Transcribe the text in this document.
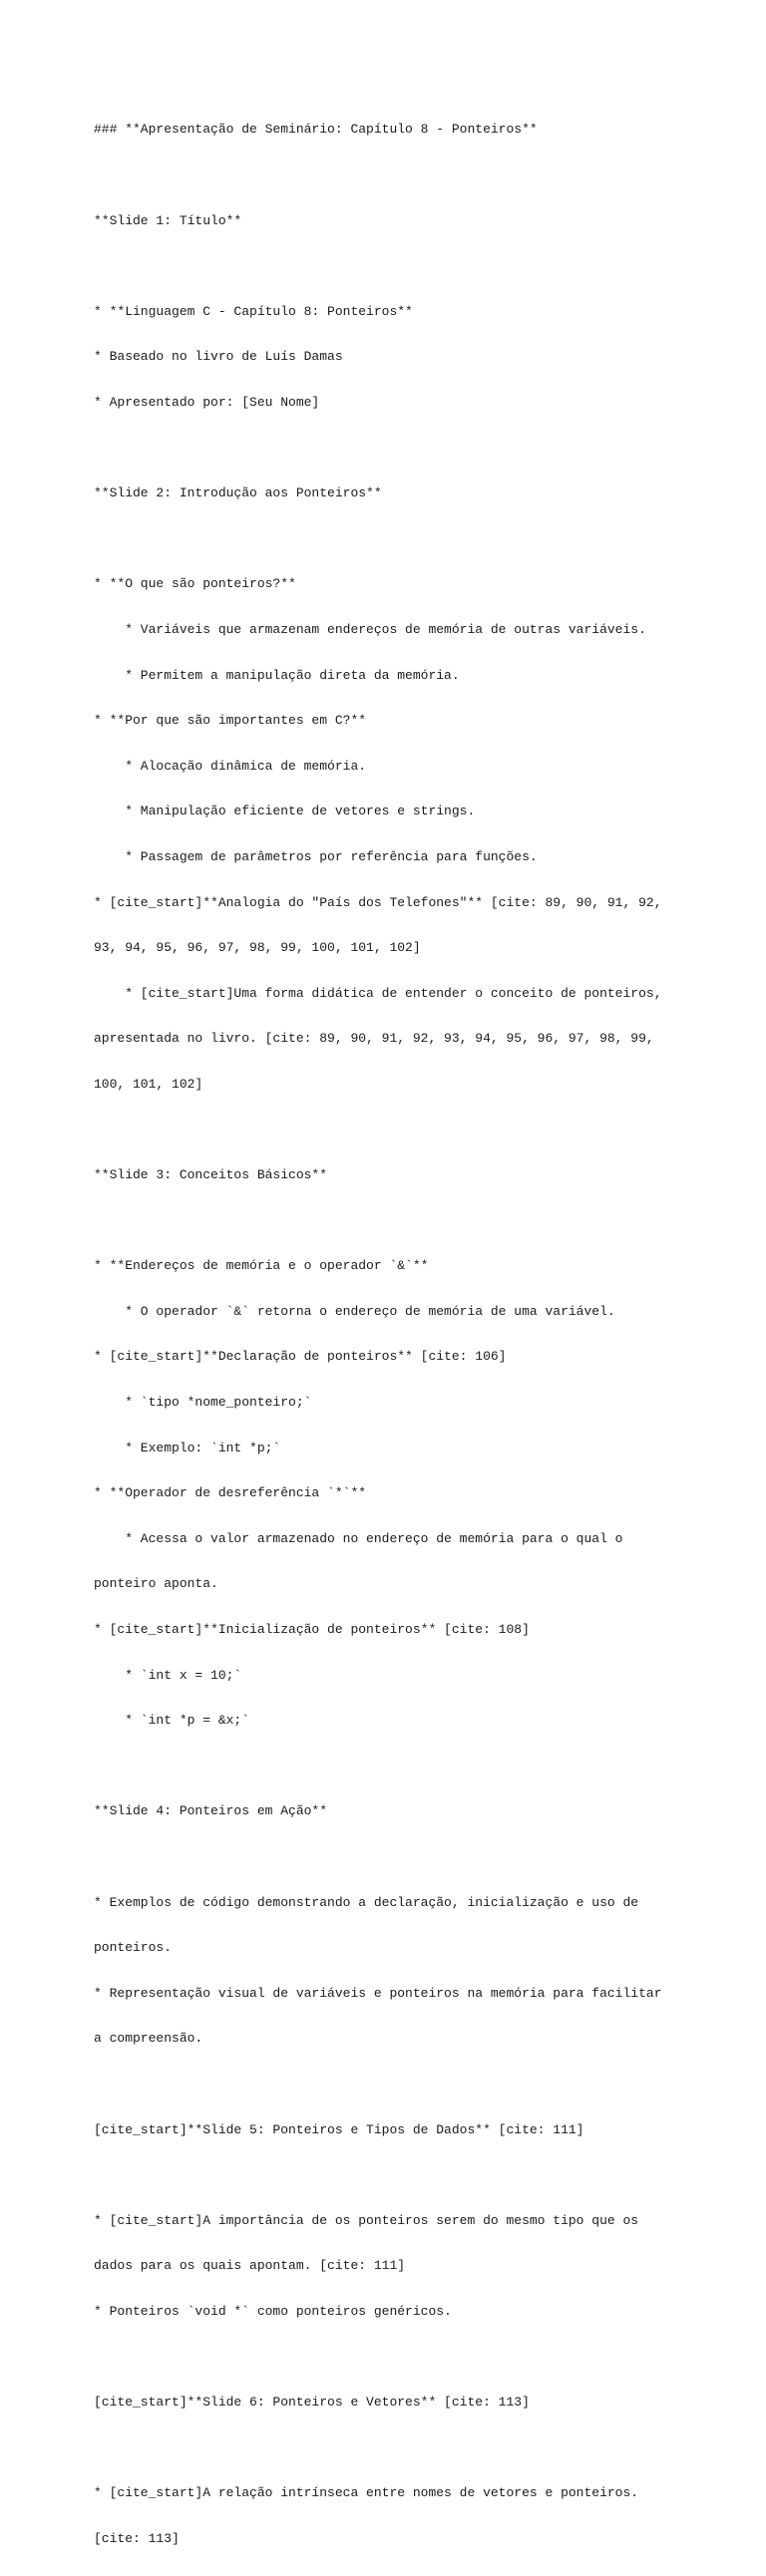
### **Apresentação de Seminário: Capítulo 8 - Ponteiros**

**Slide 1: Título**

* **Linguagem C - Capítulo 8: Ponteiros**

* Baseado no livro de Luís Damas

* Apresentado por: [Seu Nome]

**Slide 2: Introdução aos Ponteiros**

* **O que são ponteiros?**

* Variáveis que armazenam endereços de memória de outras variáveis.

* Permitem a manipulação direta da memória.

* **Por que são importantes em C?**

* Alocação dinâmica de memória.

* Manipulação eficiente de vetores e strings.

* Passagem de parâmetros por referência para funções.

* [cite_start]**Analogia do "País dos Telefones"** [cite: 89, 90, 91, 92,

93, 94, 95, 96, 97, 98, 99, 100, 101, 102]

* [cite_start]Uma forma didática de entender o conceito de ponteiros,

apresentada no livro. [cite: 89, 90, 91, 92, 93, 94, 95, 96, 97, 98, 99,

100, 101, 102]

**Slide 3: Conceitos Básicos**

* **Endereços de memória e o operador `&`**

* O operador `&` retorna o endereço de memória de uma variável.

* [cite_start]**Declaração de ponteiros** [cite: 106]

* `tipo *nome_ponteiro;`

* Exemplo: `int *p;`

* **Operador de desreferência `*`**

* Acessa o valor armazenado no endereço de memória para o qual o

ponteiro aponta.

* [cite_start]**Inicialização de ponteiros** [cite: 108]

* `int x = 10;`

* `int *p = &x;`

**Slide 4: Ponteiros em Ação**

* Exemplos de código demonstrando a declaração, inicialização e uso de

ponteiros.

* Representação visual de variáveis e ponteiros na memória para facilitar

a compreensão.

[cite_start]**Slide 5: Ponteiros e Tipos de Dados** [cite: 111]

* [cite_start]A importância de os ponteiros serem do mesmo tipo que os

dados para os quais apontam. [cite: 111]

* Ponteiros `void *` como ponteiros genéricos.

[cite_start]**Slide 6: Ponteiros e Vetores** [cite: 113]

* [cite_start]A relação intrínseca entre nomes de vetores e ponteiros.

[cite: 113]
